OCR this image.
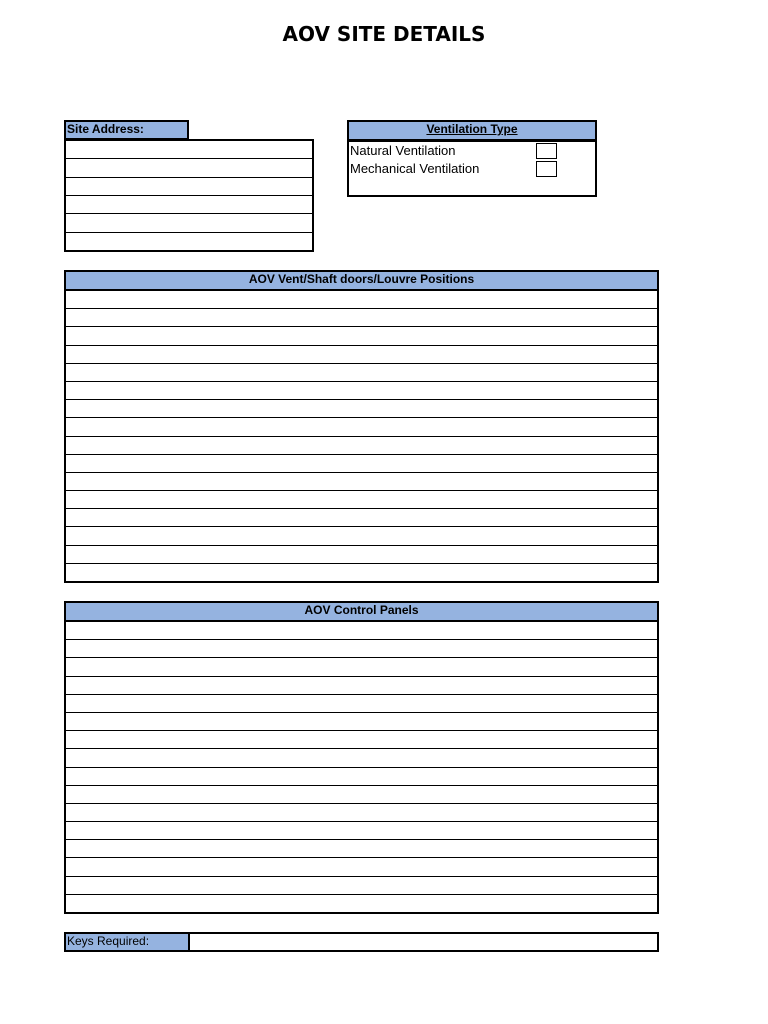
AOV SITE DETAILS
Site Address:	Ventilation Type
Natural Ventilation
Mechanical Ventilation
AOV Vent/Shaft doors/Louvre Positions
AOV Control Panels
Keys Required:
